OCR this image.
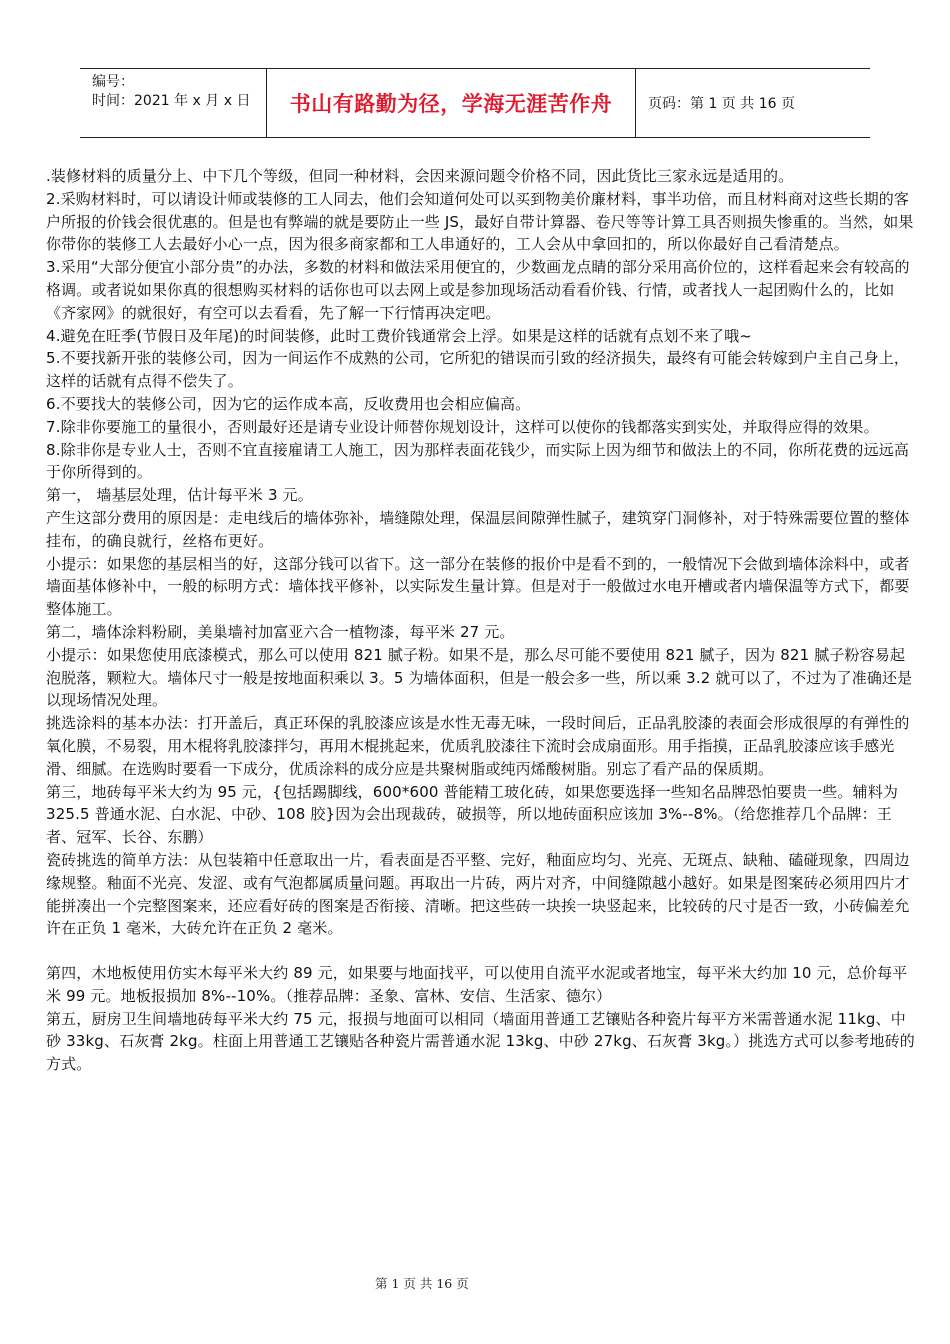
编号：
时间：2021 年 x 月 x 日	书山有路勤为径，学海无涯苦作舟	页码：第 1 页 共 16 页

.装修材料的质量分上、中下几个等级，但同一种材料，会因来源问题令价格不同，因此货比三家永远是适用的。

2.采购材料时，可以请设计师或装修的工人同去，他们会知道何处可以买到物美价廉材料，事半功倍，而且材料商对这些长期的客户所报的价钱会很优惠的。但是也有弊端的就是要防止一些 JS，最好自带计算器、卷尺等等计算工具否则损失惨重的。当然，如果你带你的装修工人去最好小心一点，因为很多商家都和工人串通好的，工人会从中拿回扣的，所以你最好自己看清楚点。

3.采用“大部分便宜小部分贵”的办法，多数的材料和做法采用便宜的，少数画龙点睛的部分采用高价位的，这样看起来会有较高的格调。或者说如果你真的很想购买材料的话你也可以去网上或是参加现场活动看看价钱、行情，或者找人一起团购什么的，比如《齐家网》的就很好，有空可以去看看，先了解一下行情再决定吧。

4.避免在旺季(节假日及年尾)的时间装修，此时工费价钱通常会上浮。如果是这样的话就有点划不来了哦~

5.不要找新开张的装修公司，因为一间运作不成熟的公司，它所犯的错误而引致的经济损失，最终有可能会转嫁到户主自己身上，这样的话就有点得不偿失了。

6.不要找大的装修公司，因为它的运作成本高，反收费用也会相应偏高。

7.除非你要施工的量很小，否则最好还是请专业设计师替你规划设计，这样可以使你的钱都落实到实处，并取得应得的效果。

8.除非你是专业人士，否则不宜直接雇请工人施工，因为那样表面花钱少，而实际上因为细节和做法上的不同，你所花费的远远高于你所得到的。

第一， 墙基层处理，估计每平米 3 元。

产生这部分费用的原因是：走电线后的墙体弥补，墙缝隙处理，保温层间隙弹性腻子，建筑穿门洞修补，对于特殊需要位置的整体挂布，的确良就行，丝格布更好。

小提示：如果您的基层相当的好，这部分钱可以省下。这一部分在装修的报价中是看不到的，一般情况下会做到墙体涂料中，或者墙面基体修补中，一般的标明方式：墙体找平修补，以实际发生量计算。但是对于一般做过水电开槽或者内墙保温等方式下，都要整体施工。

第二，墙体涂料粉刷，美巢墙衬加富亚六合一植物漆，每平米 27 元。

小提示：如果您使用底漆模式，那么可以使用 821 腻子粉。如果不是，那么尽可能不要使用 821 腻子，因为 821 腻子粉容易起泡脱落，颗粒大。墙体尺寸一般是按地面积乘以 3。5 为墙体面积，但是一般会多一些，所以乘 3.2 就可以了，不过为了准确还是以现场情况处理。

挑选涂料的基本办法：打开盖后，真正环保的乳胶漆应该是水性无毒无味，一段时间后，正品乳胶漆的表面会形成很厚的有弹性的氧化膜，不易裂，用木棍将乳胶漆拌匀，再用木棍挑起来，优质乳胶漆往下流时会成扇面形。用手指摸，正品乳胶漆应该手感光滑、细腻。在选购时要看一下成分，优质涂料的成分应是共聚树脂或纯丙烯酸树脂。别忘了看产品的保质期。

第三，地砖每平米大约为 95 元，{包括踢脚线，600*600 普能精工玻化砖，如果您要选择一些知名品牌恐怕要贵一些。辅料为 325.5 普通水泥、白水泥、中砂、108 胶}因为会出现裁砖，破损等，所以地砖面积应该加 3%--8%。（给您推荐几个品牌：王者、冠军、长谷、东鹏）

瓷砖挑选的简单方法：从包装箱中任意取出一片，看表面是否平整、完好，釉面应均匀、光亮、无斑点、缺釉、磕碰现象，四周边缘规整。釉面不光亮、发涩、或有气泡都属质量问题。再取出一片砖，两片对齐，中间缝隙越小越好。如果是图案砖必须用四片才能拼凑出一个完整图案来，还应看好砖的图案是否衔接、清晰。把这些砖一块挨一块竖起来，比较砖的尺寸是否一致，小砖偏差允许在正负 1 毫米，大砖允许在正负 2 毫米。

第四，木地板使用仿实木每平米大约 89 元，如果要与地面找平，可以使用自流平水泥或者地宝，每平米大约加 10 元，总价每平米 99 元。地板报损加 8%--10%。（推荐品牌：圣象、富林、安信、生活家、德尔）

第五，厨房卫生间墙地砖每平米大约 75 元，报损与地面可以相同（墙面用普通工艺镶贴各种瓷片每平方米需普通水泥 11kg、中砂 33kg、石灰膏 2kg。柱面上用普通工艺镶贴各种瓷片需普通水泥 13kg、中砂 27kg、石灰膏 3kg。）挑选方式可以参考地砖的方式。

第 1 页 共 16 页
